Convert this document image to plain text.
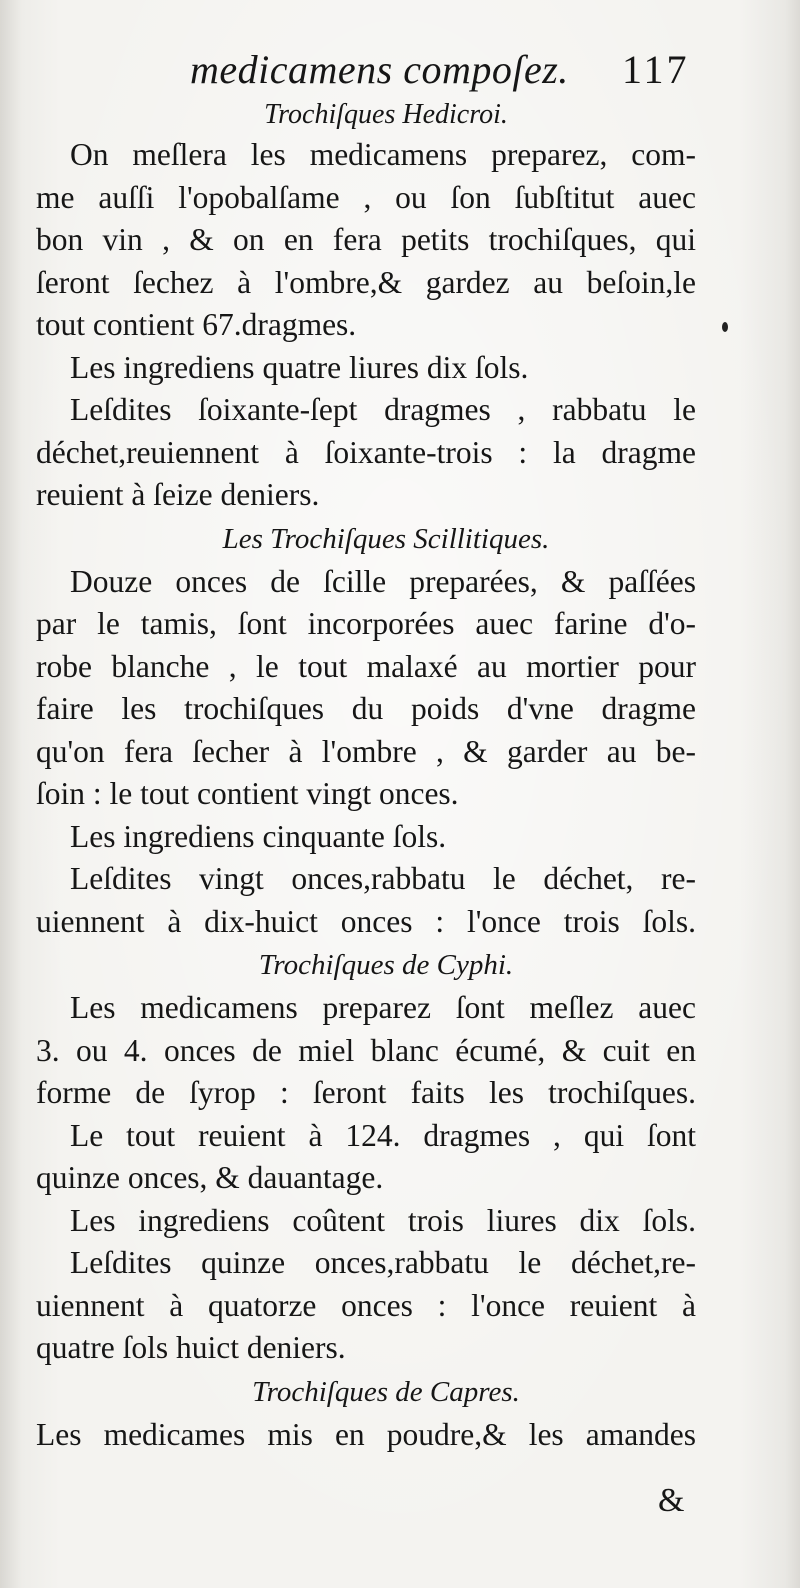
medicamens compoſez. 117
Trochiſques Hedicroi.
On meſlera les medicamens preparez, com-
me auſſi l'opobalſame , ou ſon ſubſtitut auec
bon vin , & on en fera petits trochiſques, qui
ſeront ſechez à l'ombre,& gardez au beſoin,le
tout contient 67.dragmes.
Les ingrediens quatre liures dix ſols.
Leſdites ſoixante-ſept dragmes , rabbatu le
déchet,reuiennent à ſoixante-trois : la dragme
reuient à ſeize deniers.
Les Trochiſques Scillitiques.
Douze onces de ſcille preparées, & paſſées
par le tamis, ſont incorporées auec farine d'o-
robe blanche , le tout malaxé au mortier pour
faire les trochiſques du poids d'vne dragme
qu'on fera ſecher à l'ombre , & garder au be-
ſoin : le tout contient vingt onces.
Les ingrediens cinquante ſols.
Leſdites vingt onces,rabbatu le déchet, re-
uiennent à dix-huict onces : l'once trois ſols.
Trochiſques de Cyphi.
Les medicamens preparez ſont meſlez auec
3. ou 4. onces de miel blanc écumé, & cuit en
forme de ſyrop : ſeront faits les trochiſques.
Le tout reuient à 124. dragmes , qui ſont
quinze onces, & dauantage.
Les ingrediens coûtent trois liures dix ſols.
Leſdites quinze onces,rabbatu le déchet,re-
uiennent à quatorze onces : l'once reuient à
quatre ſols huict deniers.
Trochiſques de Capres.
Les medicames mis en poudre,& les amandes
&
